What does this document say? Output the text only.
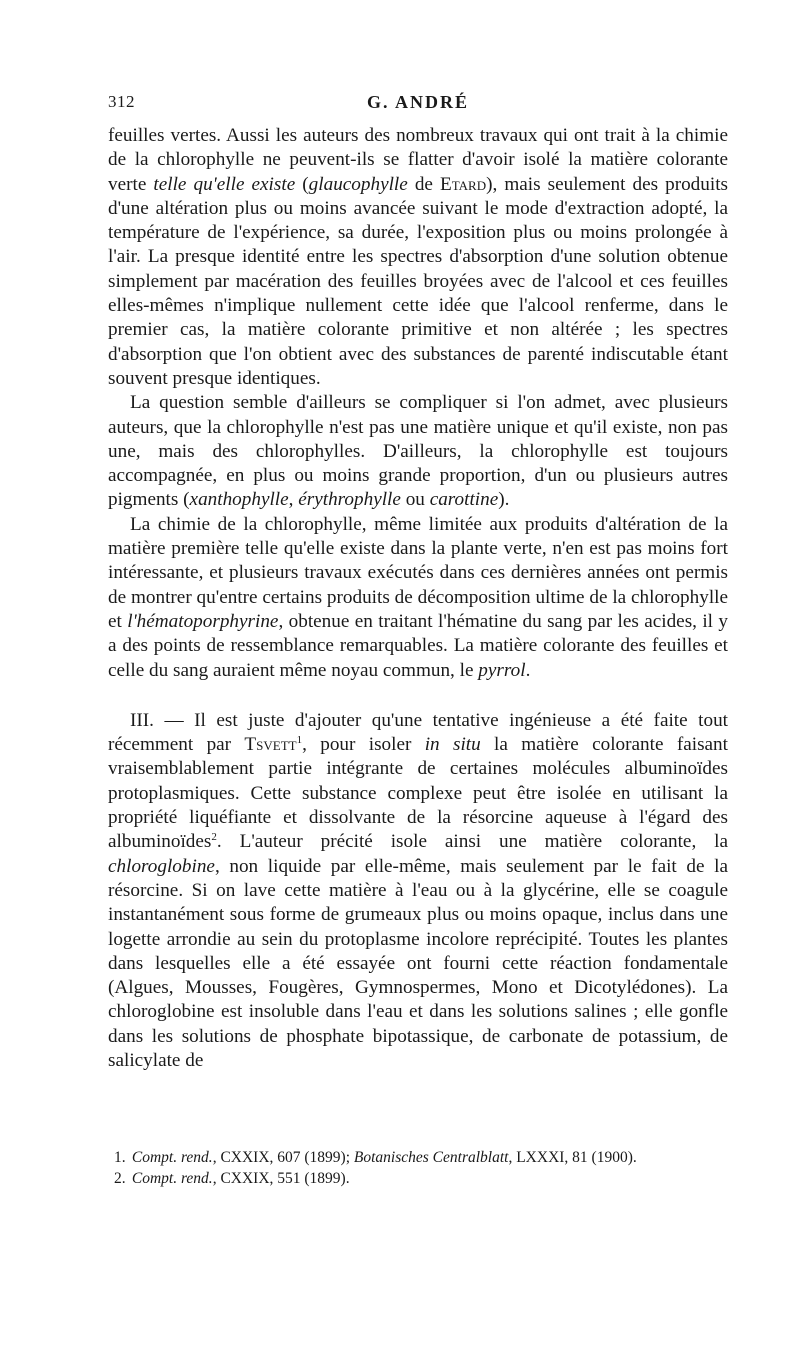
312	G. ANDRÉ

feuilles vertes. Aussi les auteurs des nombreux travaux qui ont trait à la chimie de la chlorophylle ne peuvent-ils se flatter d'avoir isolé la matière colorante verte telle qu'elle existe (glaucophylle de Etard), mais seulement des produits d'une altération plus ou moins avancée suivant le mode d'extraction adopté, la température de l'expérience, sa durée, l'exposition plus ou moins prolongée à l'air. La presque identité entre les spectres d'absorption d'une solution obtenue simplement par macération des feuilles broyées avec de l'alcool et ces feuilles elles-mêmes n'implique nullement cette idée que l'alcool renferme, dans le premier cas, la matière colorante primitive et non altérée ; les spectres d'absorption que l'on obtient avec des substances de parenté indiscutable étant souvent presque identiques.

La question semble d'ailleurs se compliquer si l'on admet, avec plusieurs auteurs, que la chlorophylle n'est pas une matière unique et qu'il existe, non pas une, mais des chlorophylles. D'ailleurs, la chlorophylle est toujours accompagnée, en plus ou moins grande proportion, d'un ou plusieurs autres pigments (xanthophylle, érythrophylle ou carottine).

La chimie de la chlorophylle, même limitée aux produits d'altération de la matière première telle qu'elle existe dans la plante verte, n'en est pas moins fort intéressante, et plusieurs travaux exécutés dans ces dernières années ont permis de montrer qu'entre certains produits de décomposition ultime de la chlorophylle et l'hématoporphyrine, obtenue en traitant l'hématine du sang par les acides, il y a des points de ressemblance remarquables. La matière colorante des feuilles et celle du sang auraient même noyau commun, le pyrrol.

III. — Il est juste d'ajouter qu'une tentative ingénieuse a été faite tout récemment par Tsvett$^1$, pour isoler in situ la matière colorante faisant vraisemblablement partie intégrante de certaines molécules albuminoïdes protoplasmiques. Cette substance complexe peut être isolée en utilisant la propriété liquéfiante et dissolvante de la résorcine aqueuse à l'égard des albuminoïdes$^2$. L'auteur précité isole ainsi une matière colorante, la chloroglobine, non liquide par elle-même, mais seulement par le fait de la résorcine. Si on lave cette matière à l'eau ou à la glycérine, elle se coagule instantanément sous forme de grumeaux plus ou moins opaque, inclus dans une logette arrondie au sein du protoplasme incolore reprécipité. Toutes les plantes dans lesquelles elle a été essayée ont fourni cette réaction fondamentale (Algues, Mousses, Fougères, Gymnospermes, Mono et Dicotylédones). La chloroglobine est insoluble dans l'eau et dans les solutions salines ; elle gonfle dans les solutions de phosphate bipotassique, de carbonate de potassium, de salicylate de

1. Compt. rend., CXXIX, 607 (1899); Botanisches Centralblatt, LXXXI, 81 (1900).

2. Compt. rend., CXXIX, 551 (1899).
